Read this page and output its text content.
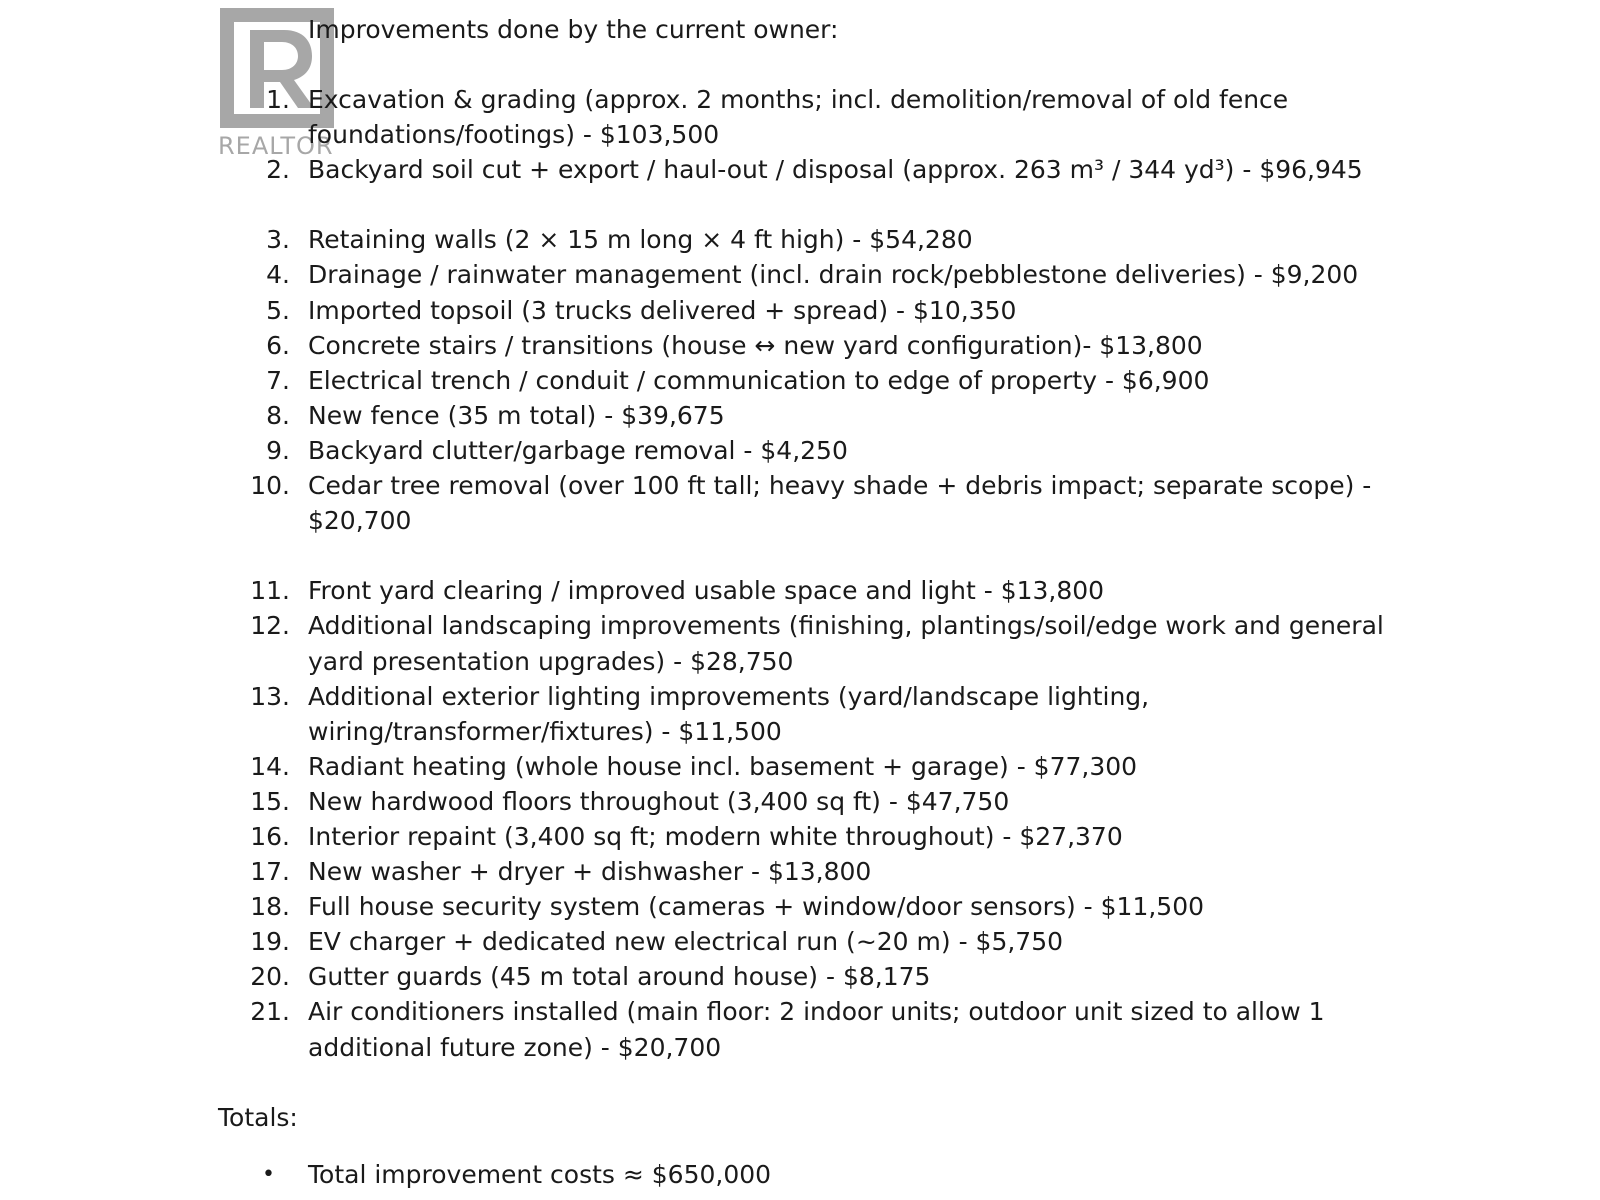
REALTOR
Improvements done by the current owner:
1. Excavation & grading (approx. 2 months; incl. demolition/removal of old fence foundations/footings) - $103,500
2. Backyard soil cut + export / haul-out / disposal (approx. 263 m³ / 344 yd³) - $96,945
3. Retaining walls (2 × 15 m long × 4 ft high) - $54,280
4. Drainage / rainwater management (incl. drain rock/pebblestone deliveries) - $9,200
5. Imported topsoil (3 trucks delivered + spread) - $10,350
6. Concrete stairs / transitions (house ↔ new yard configuration)- $13,800
7. Electrical trench / conduit / communication to edge of property - $6,900
8. New fence (35 m total) - $39,675
9. Backyard clutter/garbage removal - $4,250
10. Cedar tree removal (over 100 ft tall; heavy shade + debris impact; separate scope) - $20,700
11. Front yard clearing / improved usable space and light - $13,800
12. Additional landscaping improvements (finishing, plantings/soil/edge work and general yard presentation upgrades) - $28,750
13. Additional exterior lighting improvements (yard/landscape lighting, wiring/transformer/fixtures) - $11,500
14. Radiant heating (whole house incl. basement + garage) - $77,300
15. New hardwood floors throughout (3,400 sq ft) - $47,750
16. Interior repaint (3,400 sq ft; modern white throughout) - $27,370
17. New washer + dryer + dishwasher - $13,800
18. Full house security system (cameras + window/door sensors) - $11,500
19. EV charger + dedicated new electrical run (~20 m) - $5,750
20. Gutter guards (45 m total around house) - $8,175
21. Air conditioners installed (main floor: 2 indoor units; outdoor unit sized to allow 1 additional future zone) - $20,700
Totals:
• Total improvement costs ≈ $650,000
